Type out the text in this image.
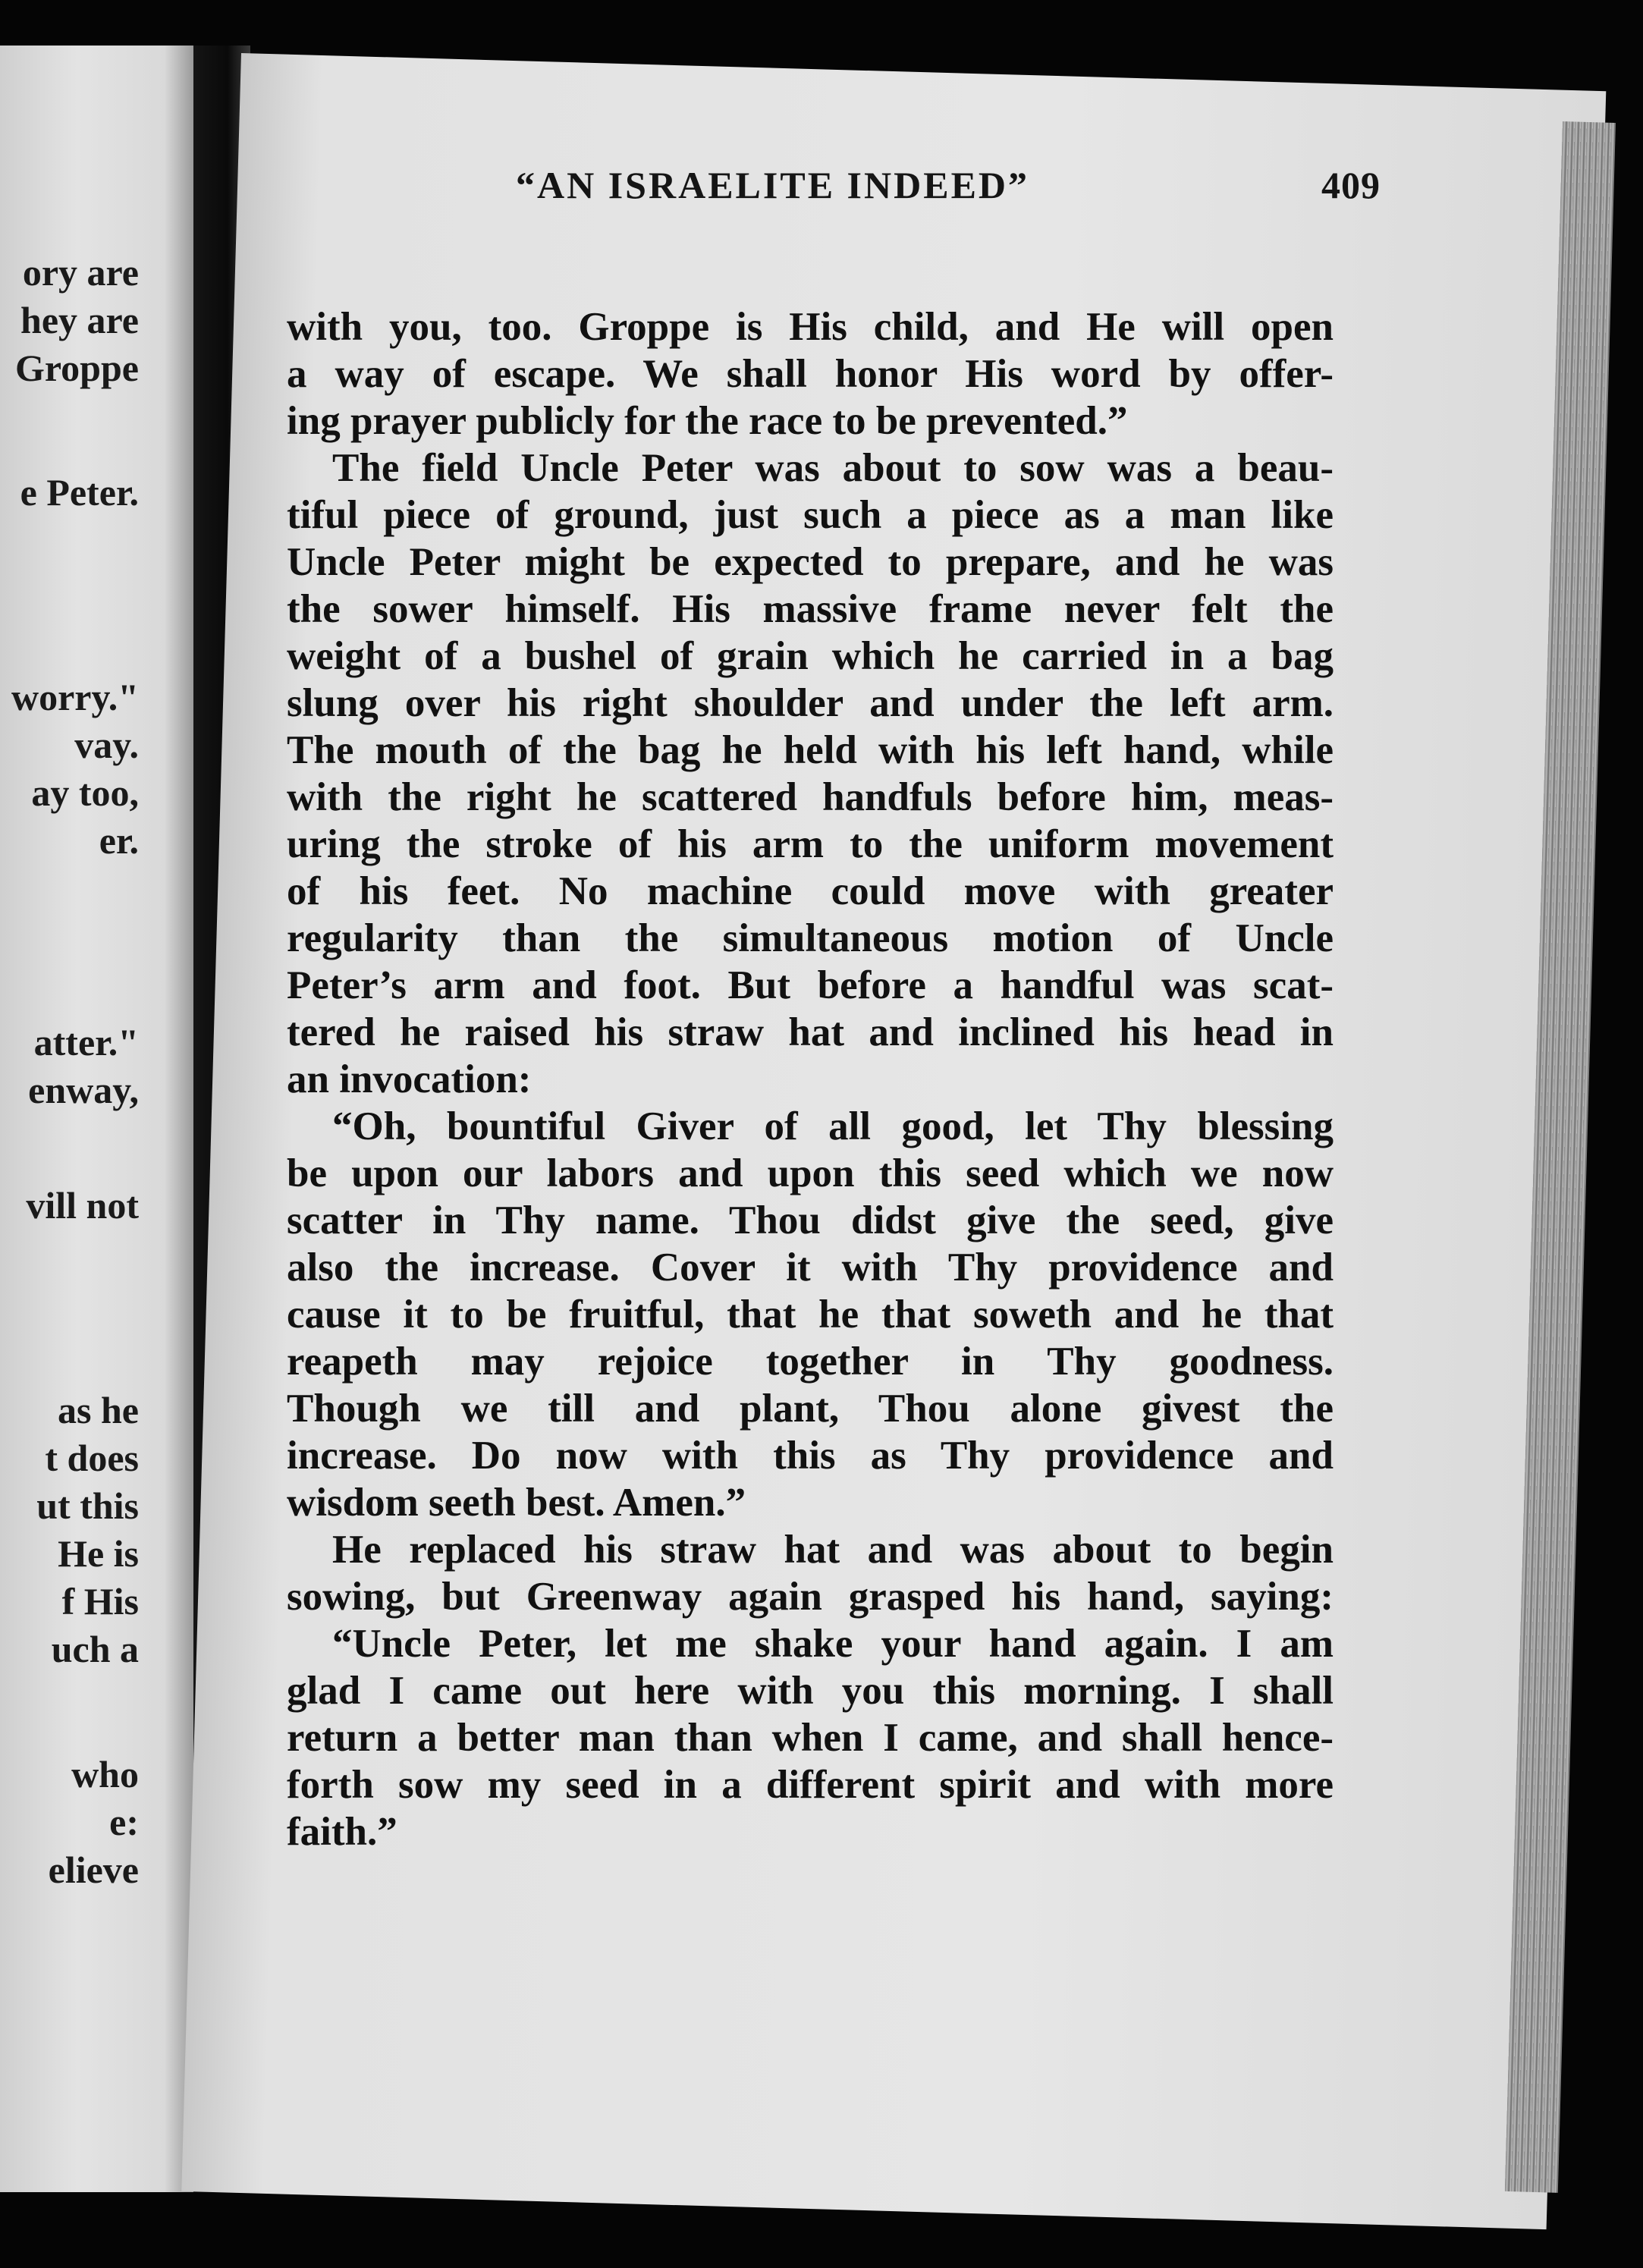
ory are
hey are
Groppe
e Peter.
worry."
vay.
ay too,
er.
atter."
enway,
vill not
as he
t does
ut this
He is
f His
uch a
who
e:
elieve
“AN ISRAELITE INDEED”	409
with you, too. Groppe is His child, and He will open
a way of escape. We shall honor His word by offer-
ing prayer publicly for the race to be prevented.”
The field Uncle Peter was about to sow was a beau-
tiful piece of ground, just such a piece as a man like
Uncle Peter might be expected to prepare, and he was
the sower himself. His massive frame never felt the
weight of a bushel of grain which he carried in a bag
slung over his right shoulder and under the left arm.
The mouth of the bag he held with his left hand, while
with the right he scattered handfuls before him, meas-
uring the stroke of his arm to the uniform movement
of his feet. No machine could move with greater
regularity than the simultaneous motion of Uncle
Peter’s arm and foot. But before a handful was scat-
tered he raised his straw hat and inclined his head in
an invocation:
“Oh, bountiful Giver of all good, let Thy blessing
be upon our labors and upon this seed which we now
scatter in Thy name. Thou didst give the seed, give
also the increase. Cover it with Thy providence and
cause it to be fruitful, that he that soweth and he that
reapeth may rejoice together in Thy goodness.
Though we till and plant, Thou alone givest the
increase. Do now with this as Thy providence and
wisdom seeth best. Amen.”
He replaced his straw hat and was about to begin
sowing, but Greenway again grasped his hand, saying:
“Uncle Peter, let me shake your hand again. I am
glad I came out here with you this morning. I shall
return a better man than when I came, and shall hence-
forth sow my seed in a different spirit and with more
faith.”
